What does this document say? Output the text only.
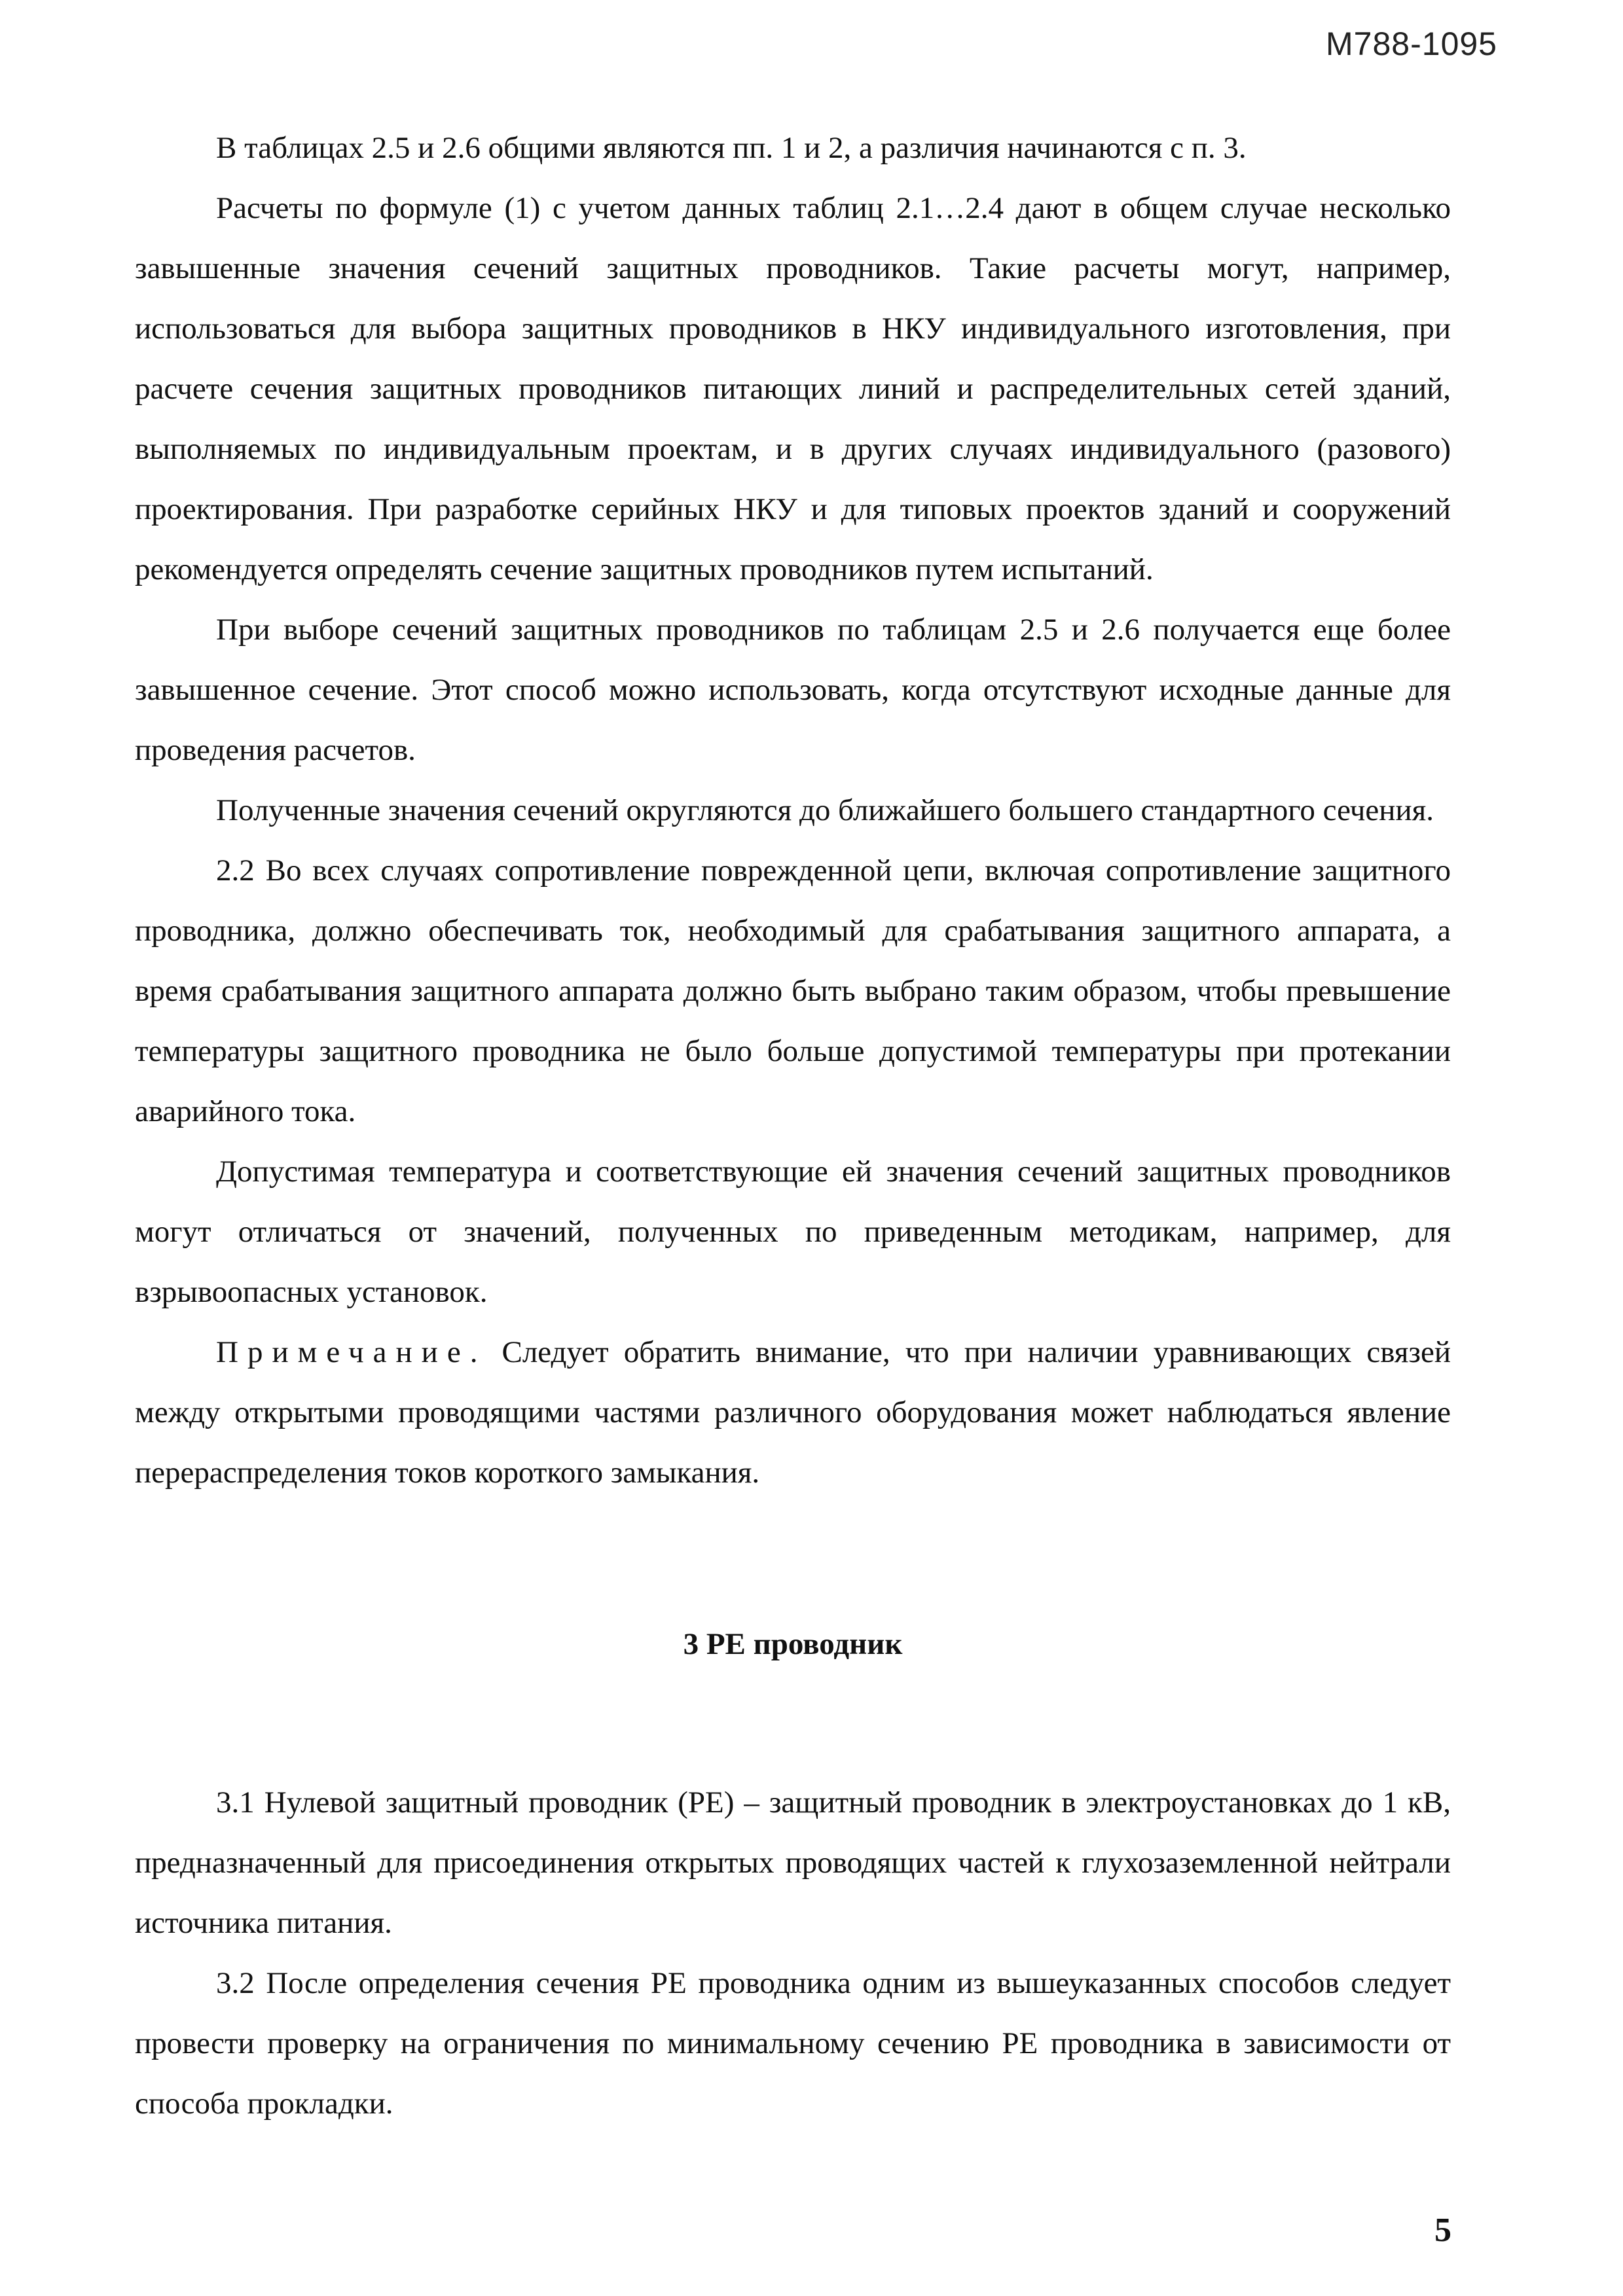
М788-1095

В таблицах 2.5 и 2.6 общими являются пп. 1 и 2, а различия начинаются с п. 3.

Расчеты по формуле (1) с учетом данных таблиц 2.1…2.4 дают в общем случае несколько завышенные значения сечений защитных проводников. Такие расчеты могут, например, использоваться для выбора защитных проводников в НКУ индивидуального изготовления, при расчете сечения защитных проводников питающих линий и распределительных сетей зданий, выполняемых по индивидуальным проектам, и в других случаях индивидуального (разового) проектирования. При разработке серийных НКУ и для типовых проектов зданий и сооружений рекомендуется определять сечение защитных проводников путем испытаний.

При выборе сечений защитных проводников по таблицам 2.5 и 2.6 получается еще более завышенное сечение. Этот способ можно использовать, когда отсутствуют исходные данные для проведения расчетов.

Полученные значения сечений округляются до ближайшего большего стандартного сечения.

2.2 Во всех случаях сопротивление поврежденной цепи, включая сопротивление защитного проводника, должно обеспечивать ток, необходимый для срабатывания защитного аппарата, а время срабатывания защитного аппарата должно быть выбрано таким образом, чтобы превышение температуры защитного проводника не было больше допустимой температуры при протекании аварийного тока.

Допустимая температура и соответствующие ей значения сечений защитных проводников могут отличаться от значений, полученных по приведенным методикам, например, для взрывоопасных установок.

Примечание. Следует обратить внимание, что при наличии уравнивающих связей между открытыми проводящими частями различного оборудования может наблюдаться явление перераспределения токов короткого замыкания.

3 PE проводник

3.1 Нулевой защитный проводник (PE) – защитный проводник в электроустановках до 1 кВ, предназначенный для присоединения открытых проводящих частей к глухозаземленной нейтрали источника питания.

3.2 После определения сечения PE проводника одним из вышеуказанных способов следует провести проверку на ограничения по минимальному сечению PE проводника в зависимости от способа прокладки.

5
